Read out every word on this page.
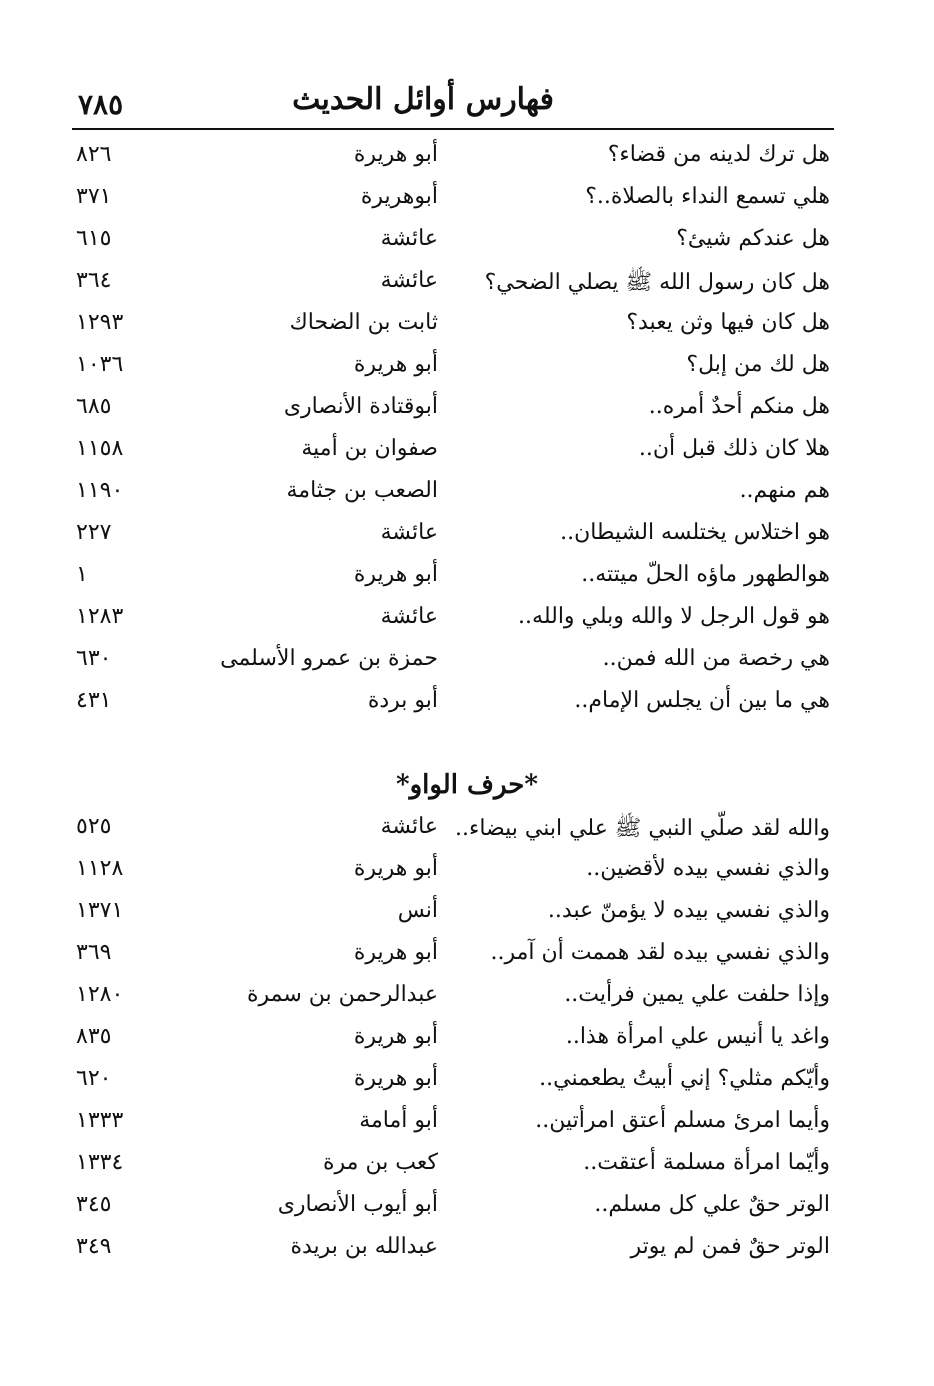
٧٨٥	فهارس أوائل الحديث
هل ترك لدينه من قضاء؟
أبو هريرة
٨٢٦
هلي تسمع النداء بالصلاة..؟
أبوهريرة
٣٧١
هل عندكم شيئ؟
عائشة
٦١٥
هل كان رسول الله ﷺ يصلي الضحي؟
عائشة
٣٦٤
هل كان فيها وثن يعبد؟
ثابت بن الضحاك
١٢٩٣
هل لك من إبل؟
أبو هريرة
١٠٣٦
هل منكم أحدٌ أمره..
أبوقتادة الأنصارى
٦٨٥
هلا كان ذلك قبل أن..
صفوان بن أمية
١١٥٨
هم منهم..
الصعب بن جثامة
١١٩٠
هو اختلاس يختلسه الشيطان..
عائشة
٢٢٧
هوالطهور ماؤه الحلّ ميتته..
أبو هريرة
١
هو قول الرجل لا والله وبلي والله..
عائشة
١٢٨٣
هي رخصة من الله فمن..
حمزة بن عمرو الأسلمى
٦٣٠
هي ما بين أن يجلس الإمام..
أبو بردة
٤٣١
*حرف الواو*
والله لقد صلّي النبي ﷺ علي ابني بيضاء..
عائشة
٥٢٥
والذي نفسي بيده لأقضين..
أبو هريرة
١١٢٨
والذي نفسي بيده لا يؤمنّ عبد..
أنس
١٣٧١
والذي نفسي بيده لقد هممت أن آمر..
أبو هريرة
٣٦٩
وإذا حلفت علي يمين فرأيت..
عبدالرحمن بن سمرة
١٢٨٠
واغد يا أنيس علي امرأة هذا..
أبو هريرة
٨٣٥
وأيّكم مثلي؟ إني أبيتُ يطعمني..
أبو هريرة
٦٢٠
وأيما امرئ مسلم أعتق امرأتين..
أبو أمامة
١٣٣٣
وأيّما امرأة مسلمة أعتقت..
كعب بن مرة
١٣٣٤
الوتر حقٌ علي كل مسلم..
أبو أيوب الأنصارى
٣٤٥
الوتر حقٌ فمن لم يوتر
عبدالله بن بريدة
٣٤٩
